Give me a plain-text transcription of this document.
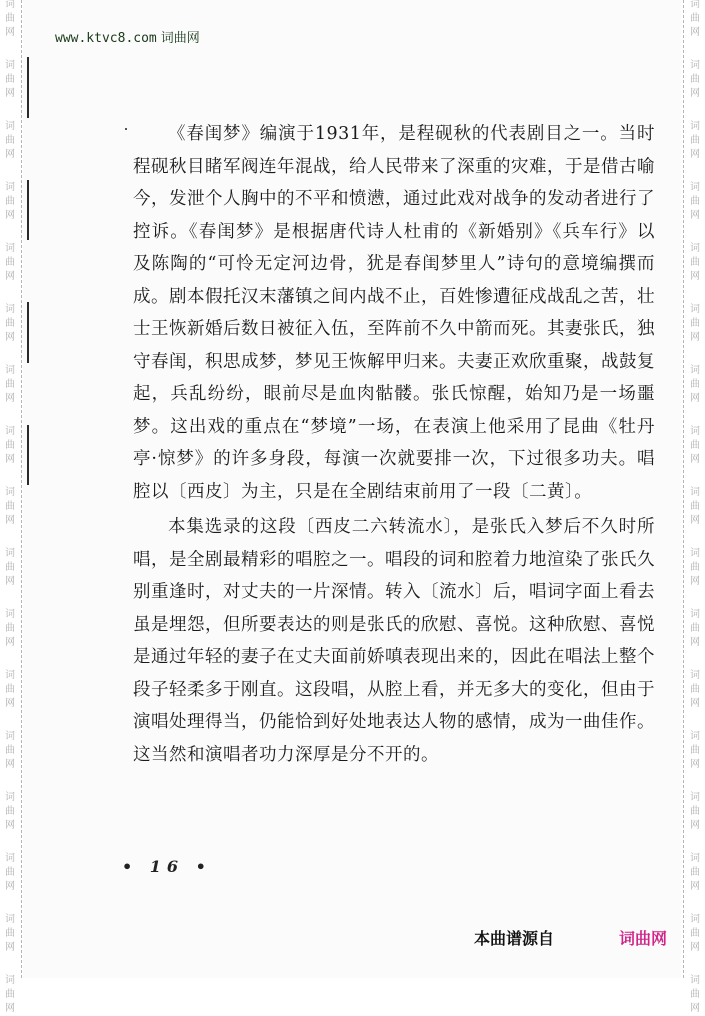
词
曲
网
词
曲
网
词
曲
网
词
曲
网
词
曲
网
词
曲
网
词
曲
网
词
曲
网
词
曲
网
词
曲
网
词
曲
网
词
曲
网
词
曲
网
词
曲
网
词
曲
网
词
曲
网
词
曲
网
词
曲
网
词
曲
网
词
曲
网
词
曲
网
词
曲
网
词
曲
网
词
曲
网
词
曲
网
词
曲
网
词
曲
网
词
曲
网
词
曲
网
词
曲
网
词
曲
网
词
曲
网
词
曲
网
词
曲
网
www.ktvc8.com 词曲网

《春闺梦》编演于1931年，是程砚秋的代表剧目之一。当时程砚秋目睹军阀连年混战，给人民带来了深重的灾难，于是借古喻今，发泄个人胸中的不平和愤懑，通过此戏对战争的发动者进行了控诉。《春闺梦》是根据唐代诗人杜甫的《新婚别》《兵车行》以及陈陶的“可怜无定河边骨，犹是春闺梦里人”诗句的意境编撰而成。剧本假托汉末藩镇之间内战不止，百姓惨遭征戍战乱之苦，壮士王恢新婚后数日被征入伍，至阵前不久中箭而死。其妻张氏，独守春闺，积思成梦，梦见王恢解甲归来。夫妻正欢欣重聚，战鼓复起，兵乱纷纷，眼前尽是血肉骷髅。张氏惊醒，始知乃是一场噩梦。这出戏的重点在“梦境”一场，在表演上他采用了昆曲《牡丹亭·惊梦》的许多身段，每演一次就要排一次，下过很多功夫。唱腔以〔西皮〕为主，只是在全剧结束前用了一段〔二黄〕。

本集选录的这段〔西皮二六转流水〕，是张氏入梦后不久时所唱，是全剧最精彩的唱腔之一。唱段的词和腔着力地渲染了张氏久别重逢时，对丈夫的一片深情。转入〔流水〕后，唱词字面上看去虽是埋怨，但所要表达的则是张氏的欣慰、喜悦。这种欣慰、喜悦是通过年轻的妻子在丈夫面前娇嗔表现出来的，因此在唱法上整个段子轻柔多于刚直。这段唱，从腔上看，并无多大的变化，但由于演唱处理得当，仍能恰到好处地表达人物的感情，成为一曲佳作。这当然和演唱者功力深厚是分不开的。

• 16 •
本曲谱源自	词曲网
